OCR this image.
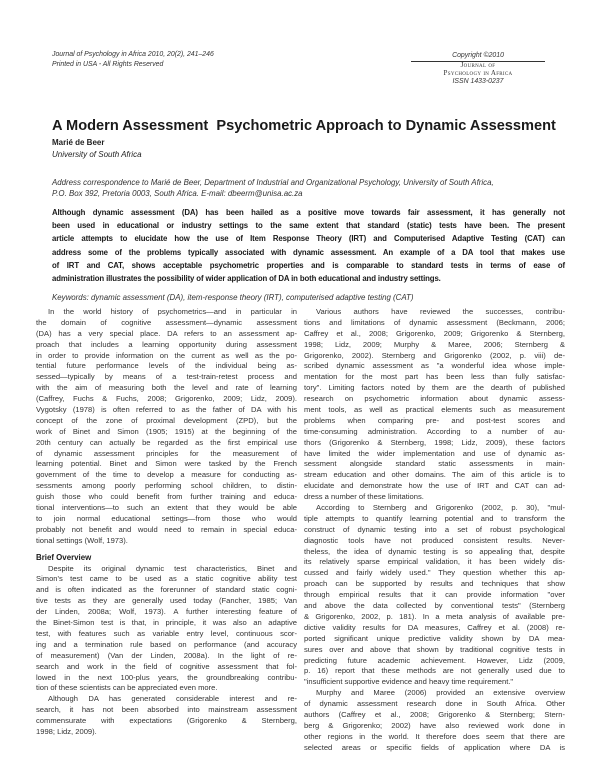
Journal of Psychology in Africa 2010, 20(2), 241–246
Printed in USA - All Rights Reserved
Copyright ©2010
Journal of
Psychology in Africa
ISSN 1433-0237
A Modern Assessment  Psychometric Approach to Dynamic Assessment
Marié de Beer
University of South Africa
Address correspondence to Marié de Beer, Department of Industrial and Organizational Psychology, University of South Africa,
P.O. Box 392, Pretoria 0003, South Africa. E-mail: dbeerm@unisa.ac.za
Although dynamic assessment (DA) has been hailed as a positive move towards fair assessment, it has generally not
been used in educational or industry settings to the same extent that standard (static) tests have been. The present
article attempts to elucidate how the use of Item Response Theory (IRT) and Computerised Adaptive Testing (CAT) can
address some of the problems typically associated with dynamic assessment. An example of a DA tool that makes use
of IRT and CAT, shows acceptable psychometric properties and is comparable to standard tests in terms of ease of
administration illustrates the possibility of wider application of DA in both educational and industry settings.
Keywords: dynamic assessment (DA), item-response theory (IRT), computerised adaptive testing (CAT)
In the world history of psychometrics—and in particular in
the domain of cognitive assessment—dynamic assessment
(DA) has a very special place. DA refers to an assessment ap-
proach that includes a learning opportunity during assessment
in order to provide information on the current as well as the po-
tential future performance levels of the individual being as-
sessed—typically by means of a test-train-retest process and
with the aim of measuring both the level and rate of learning
(Caffrey, Fuchs & Fuchs, 2008; Grigorenko, 2009; Lidz, 2009).
Vygotsky (1978) is often referred to as the father of DA with his
concept of the zone of proximal development (ZPD), but the
work of Binet and Simon (1905; 1915) at the beginning of the
20th century can actually be regarded as the first empirical use
of dynamic assessment principles for the measurement of
learning potential. Binet and Simon were tasked by the French
government of the time to develop a measure for conducting as-
sessments among poorly performing school children, to distin-
guish those who could benefit from further training and educa-
tional interventions—to such an extent that they would be able
to join normal educational settings—from those who would
probably not benefit and would need to remain in special educa-
tional settings (Wolf, 1973).
Brief Overview
Despite its original dynamic test characteristics, Binet and
Simon's test came to be used as a static cognitive ability test
and is often indicated as the forerunner of standard static cogni-
tive tests as they are generally used today (Fancher, 1985; Van
der Linden, 2008a; Wolf, 1973). A further interesting feature of
the Binet-Simon test is that, in principle, it was also an adaptive
test, with features such as variable entry level, continuous scor-
ing and a termination rule based on performance (and accuracy
of measurement) (Van der Linden, 2008a). In the light of re-
search and work in the field of cognitive assessment that fol-
lowed in the next 100-plus years, the groundbreaking contribu-
tion of these scientists can be appreciated even more.
Although DA has generated considerable interest and re-
search, it has not been absorbed into mainstream assessment
commensurate with expectations (Grigorenko & Sternberg,
1998; Lidz, 2009).
Various authors have reviewed the successes, contribu-
tions and limitations of dynamic assessment (Beckmann, 2006;
Caffrey et al., 2008; Grigorenko, 2009; Grigorenko & Sternberg,
1998; Lidz, 2009; Murphy & Maree, 2006; Sternberg &
Grigorenko, 2002). Sternberg and Grigorenko (2002, p. viii) de-
scribed dynamic assessment as "a wonderful idea whose imple-
mentation for the most part has been less than fully satisfac-
tory". Limiting factors noted by them are the dearth of published
research on psychometric information about dynamic assess-
ment tools, as well as practical elements such as measurement
problems when comparing pre- and post-test scores and
time-consuming administration. According to a number of au-
thors (Grigorenko & Sternberg, 1998; Lidz, 2009), these factors
have limited the wider implementation and use of dynamic as-
sessment alongside standard static assessments in main-
stream education and other domains. The aim of this article is to
elucidate and demonstrate how the use of IRT and CAT can ad-
dress a number of these limitations.
According to Sternberg and Grigorenko (2002, p. 30), "mul-
tiple attempts to quantify learning potential and to transform the
construct of dynamic testing into a set of robust psychological
diagnostic tools have not produced consistent results. Never-
theless, the idea of dynamic testing is so appealing that, despite
its relatively sparse empirical validation, it has been widely dis-
cussed and fairly widely used." They question whether this ap-
proach can be supported by results and techniques that show
through empirical results that it can provide information "over
and above the data collected by conventional tests" (Sternberg
& Grigorenko, 2002, p. 181). In a meta analysis of available pre-
dictive validity results for DA measures, Caffrey et al. (2008) re-
ported significant unique predictive validity shown by DA mea-
sures over and above that shown by traditional cognitive tests in
predicting future academic achievement. However, Lidz (2009,
p. 16) report that these methods are not generally used due to
"insufficient supportive evidence and heavy time requirement."
Murphy and Maree (2006) provided an extensive overview
of dynamic assessment research done in South Africa. Other
authors (Caffrey et al., 2008; Grigorenko & Sternberg; Stern-
berg & Grigorenko; 2002) have also reviewed work done in
other regions in the world. It therefore does seem that there are
selected areas or specific fields of application where DA is
